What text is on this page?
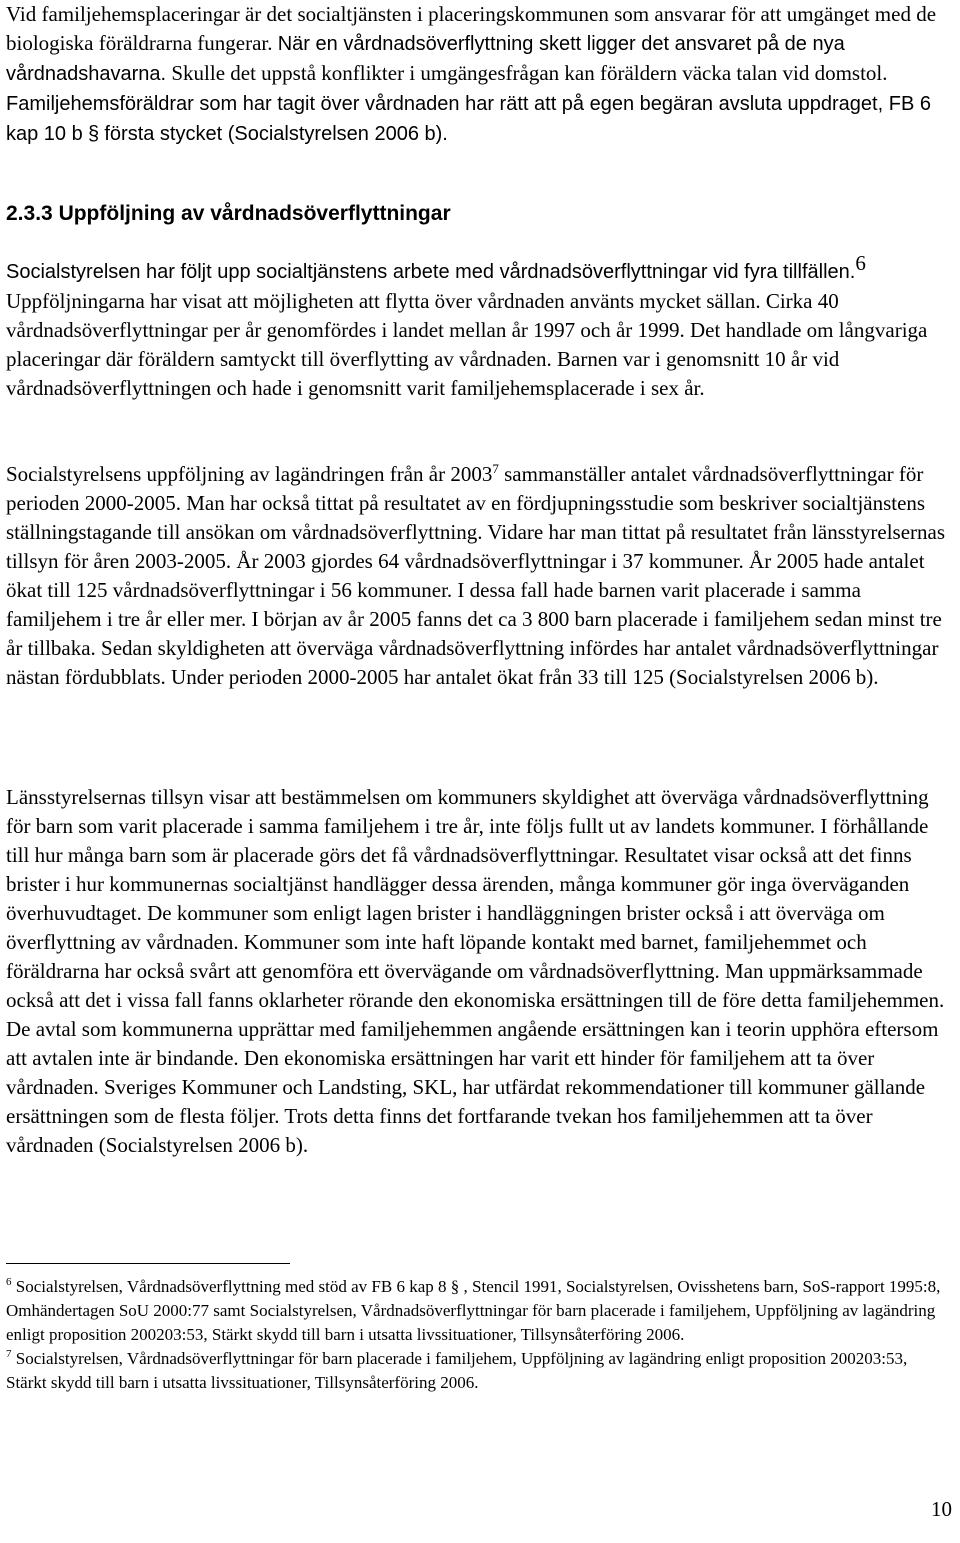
Vid familjehemsplaceringar är det socialtjänsten i placeringskommunen som ansvarar för att umgänget med de biologiska föräldrarna fungerar. När en vårdnadsöverflyttning skett ligger det ansvaret på de nya vårdnadshavarna. Skulle det uppstå konflikter i umgängesfrågan kan föräldern väcka talan vid domstol. Familjehemsföräldrar som har tagit över vårdnaden har rätt att på egen begäran avsluta uppdraget, FB 6 kap 10 b § första stycket (Socialstyrelsen 2006 b).

2.3.3 Uppföljning av vårdnadsöverflyttningar

Socialstyrelsen har följt upp socialtjänstens arbete med vårdnadsöverflyttningar vid fyra tillfällen.$^6$ Uppföljningarna har visat att möjligheten att flytta över vårdnaden använts mycket sällan. Cirka 40 vårdnadsöverflyttningar per år genomfördes i landet mellan år 1997 och år 1999. Det handlade om långvariga placeringar där föräldern samtyckt till överflytting av vårdnaden. Barnen var i genomsnitt 10 år vid vårdnadsöverflyttningen och hade i genomsnitt varit familjehemsplacerade i sex år.

Socialstyrelsens uppföljning av lagändringen från år 2003$^7$ sammanställer antalet vårdnadsöverflyttningar för perioden 2000-2005. Man har också tittat på resultatet av en fördjupningsstudie som beskriver socialtjänstens ställningstagande till ansökan om vårdnadsöverflyttning. Vidare har man tittat på resultatet från länsstyrelsernas tillsyn för åren 2003-2005. År 2003 gjordes 64 vårdnadsöverflyttningar i 37 kommuner. År 2005 hade antalet ökat till 125 vårdnadsöverflyttningar i 56 kommuner. I dessa fall hade barnen varit placerade i samma familjehem i tre år eller mer. I början av år 2005 fanns det ca 3 800 barn placerade i familjehem sedan minst tre år tillbaka. Sedan skyldigheten att överväga vårdnadsöverflyttning infördes har antalet vårdnadsöverflyttningar nästan fördubblats. Under perioden 2000-2005 har antalet ökat från 33 till 125 (Socialstyrelsen 2006 b).

Länsstyrelsernas tillsyn visar att bestämmelsen om kommuners skyldighet att överväga vårdnadsöverflyttning för barn som varit placerade i samma familjehem i tre år, inte följs fullt ut av landets kommuner. I förhållande till hur många barn som är placerade görs det få vårdnadsöverflyttningar. Resultatet visar också att det finns brister i hur kommunernas socialtjänst handlägger dessa ärenden, många kommuner gör inga överväganden överhuvudtaget. De kommuner som enligt lagen brister i handläggningen brister också i att överväga om överflyttning av vårdnaden. Kommuner som inte haft löpande kontakt med barnet, familjehemmet och föräldrarna har också svårt att genomföra ett övervägande om vårdnadsöverflyttning. Man uppmärksammade också att det i vissa fall fanns oklarheter rörande den ekonomiska ersättningen till de före detta familjehemmen. De avtal som kommunerna upprättar med familjehemmen angående ersättningen kan i teorin upphöra eftersom att avtalen inte är bindande. Den ekonomiska ersättningen har varit ett hinder för familjehem att ta över vårdnaden. Sveriges Kommuner och Landsting, SKL, har utfärdat rekommendationer till kommuner gällande ersättningen som de flesta följer. Trots detta finns det fortfarande tvekan hos familjehemmen att ta över vårdnaden (Socialstyrelsen 2006 b).

$^6$ Socialstyrelsen, Vårdnadsöverflyttning med stöd av FB 6 kap 8 § , Stencil 1991, Socialstyrelsen, Ovisshetens barn, SoS-rapport 1995:8, Omhändertagen SoU 2000:77 samt Socialstyrelsen, Vårdnadsöverflyttningar för barn placerade i familjehem, Uppföljning av lagändring enligt proposition 200203:53, Stärkt skydd till barn i utsatta livssituationer, Tillsynsåterföring 2006.

$^7$ Socialstyrelsen, Vårdnadsöverflyttningar för barn placerade i familjehem, Uppföljning av lagändring enligt proposition 200203:53, Stärkt skydd till barn i utsatta livssituationer, Tillsynsåterföring 2006.

10
